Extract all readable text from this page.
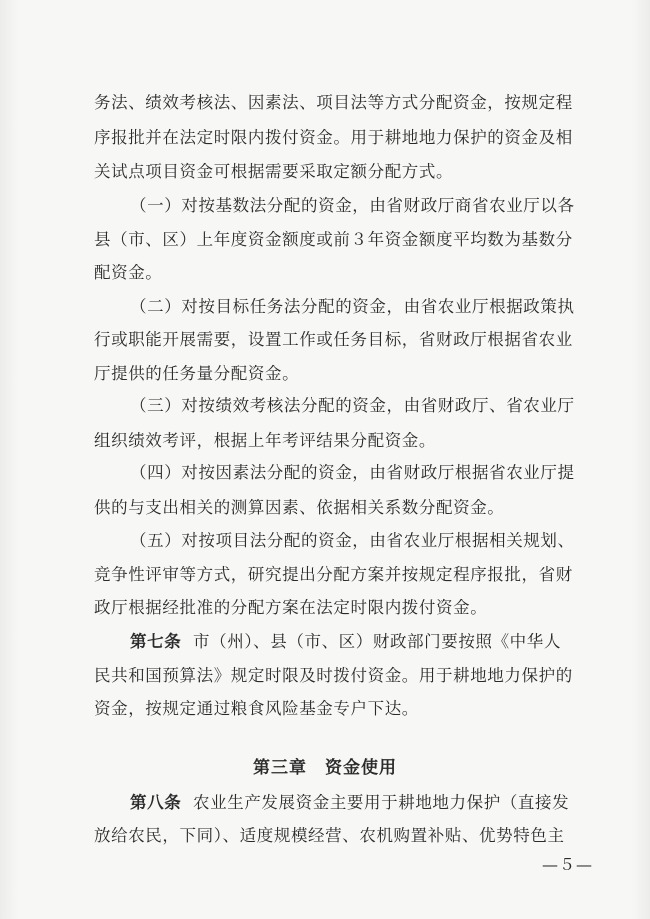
务法、绩效考核法、因素法、项目法等方式分配资金，按规定程
序报批并在法定时限内拨付资金。用于耕地地力保护的资金及相
关试点项目资金可根据需要采取定额分配方式。
（一）对按基数法分配的资金，由省财政厅商省农业厅以各
县（市、区）上年度资金额度或前３年资金额度平均数为基数分
配资金。
（二）对按目标任务法分配的资金，由省农业厅根据政策执
行或职能开展需要，设置工作或任务目标，省财政厅根据省农业
厅提供的任务量分配资金。
（三）对按绩效考核法分配的资金，由省财政厅、省农业厅
组织绩效考评，根据上年考评结果分配资金。
（四）对按因素法分配的资金，由省财政厅根据省农业厅提
供的与支出相关的测算因素、依据相关系数分配资金。
（五）对按项目法分配的资金，由省农业厅根据相关规划、
竞争性评审等方式，研究提出分配方案并按规定程序报批，省财
政厅根据经批准的分配方案在法定时限内拨付资金。
第七条 市（州）、县（市、区）财政部门要按照《中华人
民共和国预算法》规定时限及时拨付资金。用于耕地地力保护的
资金，按规定通过粮食风险基金专户下达。
第三章 资金使用
第八条 农业生产发展资金主要用于耕地地力保护（直接发
放给农民，下同）、适度规模经营、农机购置补贴、优势特色主
—５—
